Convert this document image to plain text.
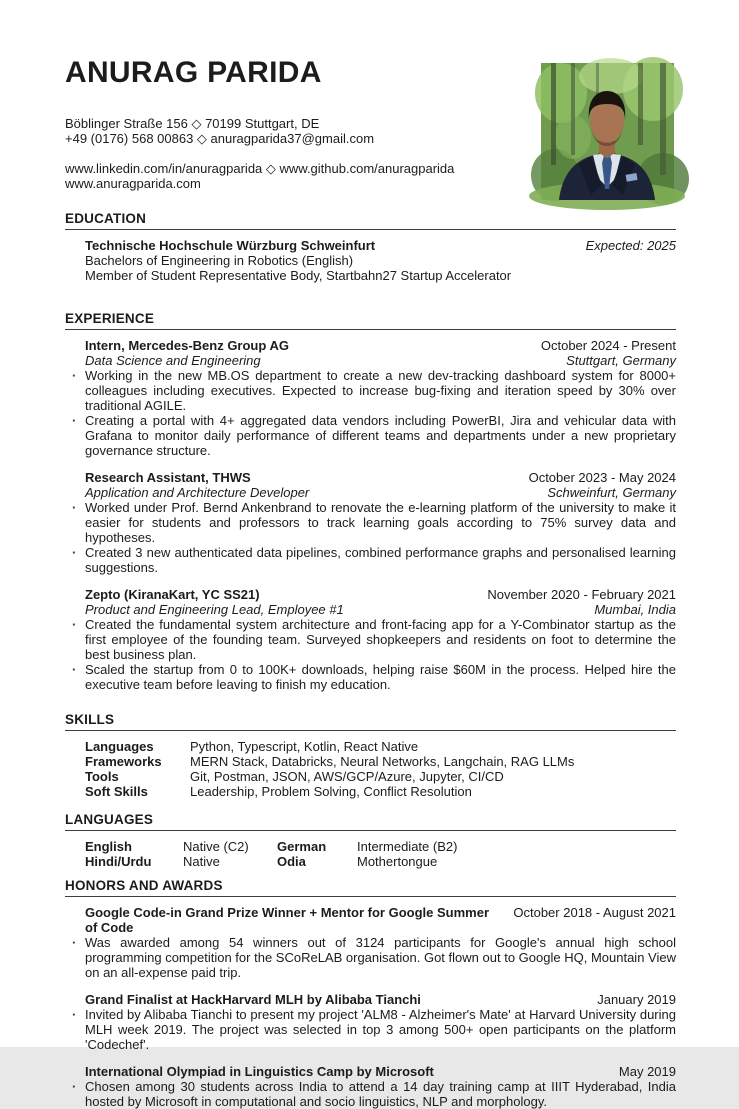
ANURAG PARIDA
Böblinger Straße 156 ◇ 70199 Stuttgart, DE
+49 (0176) 568 00863 ◇ anuragparida37@gmail.com
www.linkedin.com/in/anuragparida ◇ www.github.com/anuragparida
www.anuragparida.com
EDUCATION
Technische Hochschule Würzburg Schweinfurt	Expected: 2025
Bachelors of Engineering in Robotics (English)
Member of Student Representative Body, Startbahn27 Startup Accelerator
EXPERIENCE
Intern, Mercedes-Benz Group AG	October 2024 - Present
Data Science and Engineering	Stuttgart, Germany
· Working in the new MB.OS department to create a new dev-tracking dashboard system for 8000+ colleagues including executives. Expected to increase bug-fixing and iteration speed by 30% over traditional AGILE.
· Creating a portal with 4+ aggregated data vendors including PowerBI, Jira and vehicular data with Grafana to monitor daily performance of different teams and departments under a new proprietary governance structure.
Research Assistant, THWS	October 2023 - May 2024
Application and Architecture Developer	Schweinfurt, Germany
· Worked under Prof. Bernd Ankenbrand to renovate the e-learning platform of the university to make it easier for students and professors to track learning goals according to 75% survey data and hypotheses.
· Created 3 new authenticated data pipelines, combined performance graphs and personalised learning suggestions.
Zepto (KiranaKart, YC SS21)	November 2020 - February 2021
Product and Engineering Lead, Employee #1	Mumbai, India
· Created the fundamental system architecture and front-facing app for a Y-Combinator startup as the first employee of the founding team. Surveyed shopkeepers and residents on foot to determine the best business plan.
· Scaled the startup from 0 to 100K+ downloads, helping raise $60M in the process. Helped hire the executive team before leaving to finish my education.
SKILLS
Languages	Python, Typescript, Kotlin, React Native
Frameworks	MERN Stack, Databricks, Neural Networks, Langchain, RAG LLMs
Tools	Git, Postman, JSON, AWS/GCP/Azure, Jupyter, CI/CD
Soft Skills	Leadership, Problem Solving, Conflict Resolution
LANGUAGES
English	Native (C2)	German	Intermediate (B2)
Hindi/Urdu	Native	Odia	Mothertongue
HONORS AND AWARDS
Google Code-in Grand Prize Winner + Mentor for Google Summer of Code
October 2018 - August 2021
· Was awarded among 54 winners out of 3124 participants for Google's annual high school programming competition for the SCoReLAB organisation. Got flown out to Google HQ, Mountain View on an all-expense paid trip.
Grand Finalist at HackHarvard MLH by Alibaba Tianchi	January 2019
· Invited by Alibaba Tianchi to present my project 'ALM8 - Alzheimer's Mate' at Harvard University during MLH week 2019. The project was selected in top 3 among 500+ open participants on the platform 'Codechef'.
International Olympiad in Linguistics Camp by Microsoft	May 2019
· Chosen among 30 students across India to attend a 14 day training camp at IIIT Hyderabad, India hosted by Microsoft in computational and socio linguistics, NLP and morphology.
